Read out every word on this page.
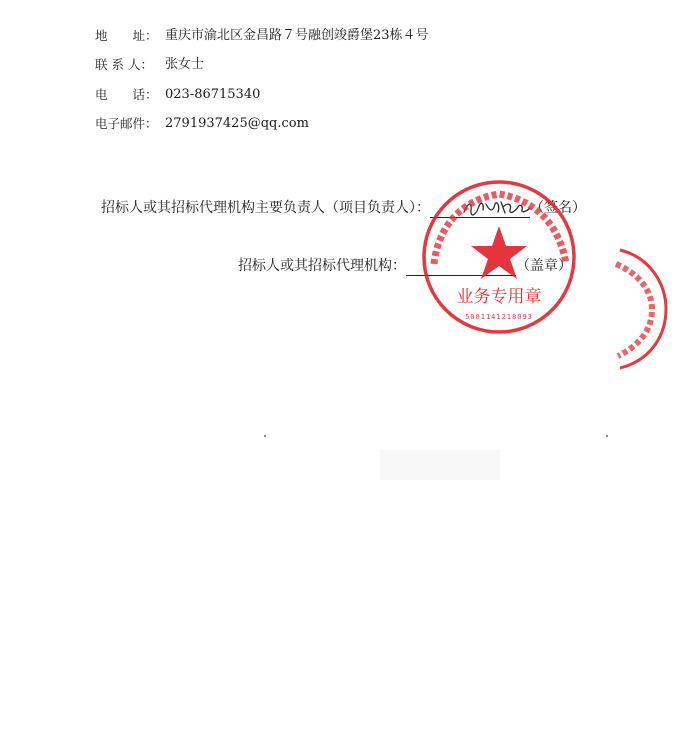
地　　址： 重庆市渝北区金昌路７号融创竣爵堡23栋４号
联 系 人： 张女士
电　　话： 023-86715340
电子邮件： 2791937425@qq.com
招标人或其招标代理机构主要负责人（项目负责人）：	（签名）
招标人或其招标代理机构：	（盖章）
业务专用章
5001141218093
